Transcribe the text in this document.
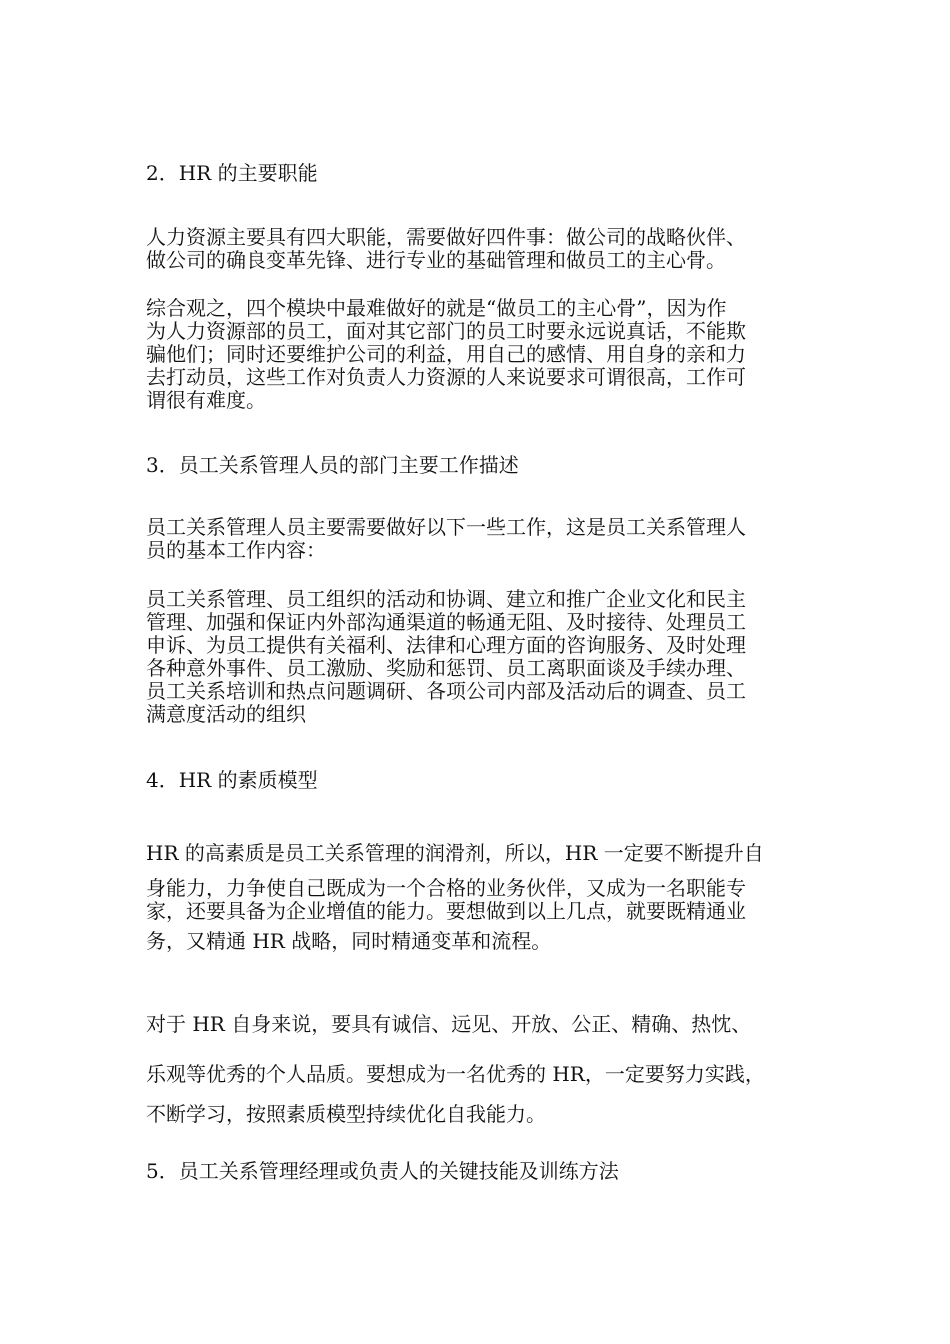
2．HR 的主要职能
人力资源主要具有四大职能，需要做好四件事：做公司的战略伙伴、
做公司的确良变革先锋、进行专业的基础管理和做员工的主心骨。
综合观之，四个模块中最难做好的就是“做员工的主心骨”，因为作
为人力资源部的员工，面对其它部门的员工时要永远说真话，不能欺
骗他们；同时还要维护公司的利益，用自己的感情、用自身的亲和力
去打动员，这些工作对负责人力资源的人来说要求可谓很高，工作可
谓很有难度。
3．员工关系管理人员的部门主要工作描述
员工关系管理人员主要需要做好以下一些工作，这是员工关系管理人
员的基本工作内容：
员工关系管理、员工组织的活动和协调、建立和推广企业文化和民主
管理、加强和保证内外部沟通渠道的畅通无阻、及时接待、处理员工
申诉、为员工提供有关福利、法律和心理方面的咨询服务、及时处理
各种意外事件、员工激励、奖励和惩罚、员工离职面谈及手续办理、
员工关系培训和热点问题调研、各项公司内部及活动后的调查、员工
满意度活动的组织
4．HR 的素质模型
HR 的高素质是员工关系管理的润滑剂，所以，HR 一定要不断提升自
身能力，力争使自己既成为一个合格的业务伙伴，又成为一名职能专
家，还要具备为企业增值的能力。要想做到以上几点，就要既精通业
务，又精通 HR 战略，同时精通变革和流程。
对于 HR 自身来说，要具有诚信、远见、开放、公正、精确、热忱、
乐观等优秀的个人品质。要想成为一名优秀的 HR，一定要努力实践，
不断学习，按照素质模型持续优化自我能力。
5．员工关系管理经理或负责人的关键技能及训练方法
